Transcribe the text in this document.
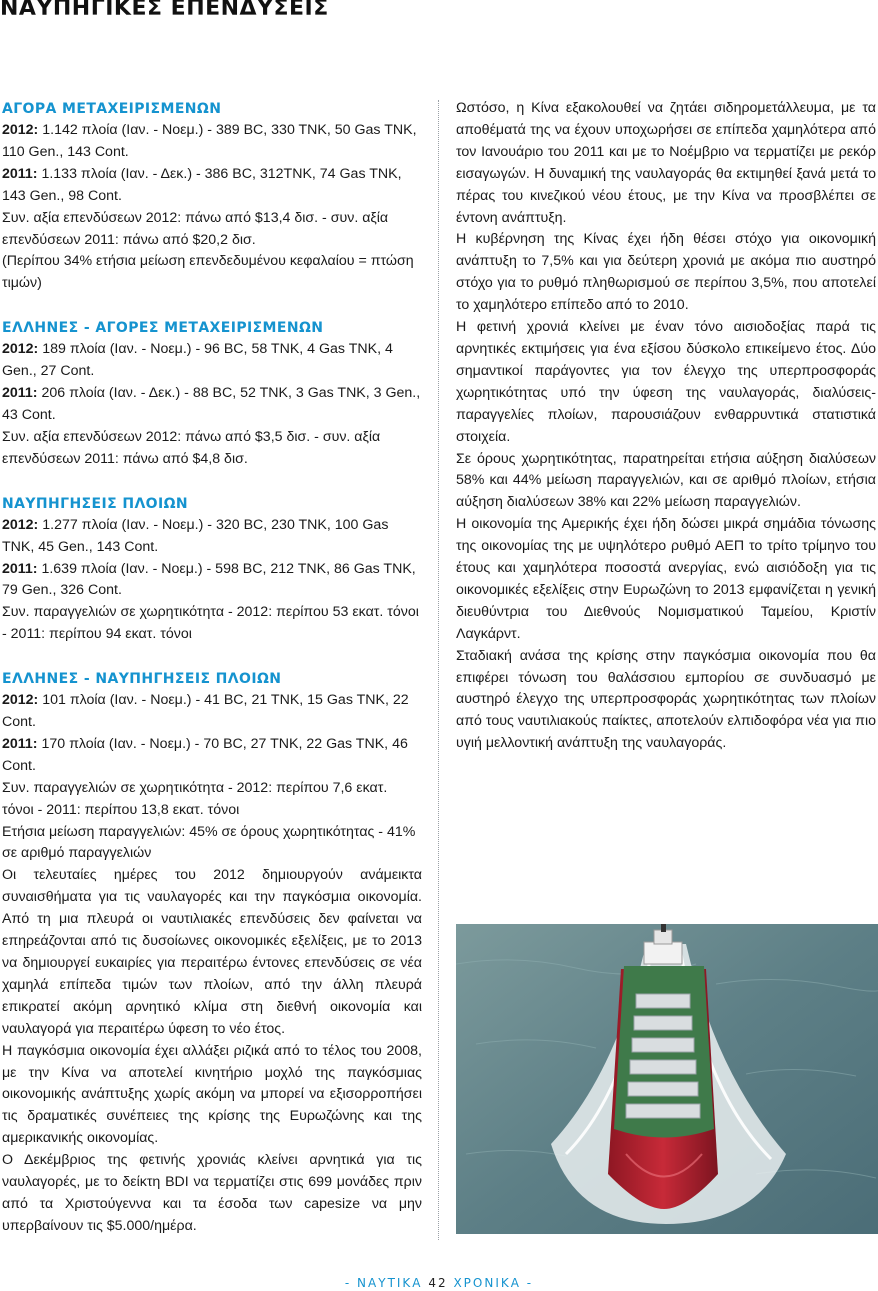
ΝΑΥΠΗΓΙΚΕΣ ΕΠΕΝΔΥΣΕΙΣ
ΑΓΟΡΑ ΜΕΤΑΧΕΙΡΙΣΜΕΝΩΝ

2012: 1.142 πλοία (Ιαν. - Νοεμ.) - 389 BC, 330 TNK, 50 Gas TNK, 110 Gen., 143 Cont.

2011: 1.133 πλοία (Ιαν. - Δεκ.) - 386 BC, 312TNK, 74 Gas TNK, 143 Gen., 98 Cont.

Συν. αξία επενδύσεων 2012: πάνω από $13,4 δισ. - συν. αξία επενδύσεων 2011: πάνω από $20,2 δισ.

(Περίπου 34% ετήσια μείωση επενδεδυμένου κεφαλαίου = πτώση τιμών)

ΕΛΛΗΝΕΣ - ΑΓΟΡΕΣ ΜΕΤΑΧΕΙΡΙΣΜΕΝΩΝ

2012: 189 πλοία (Ιαν. - Νοεμ.) - 96 BC, 58 TNK, 4 Gas TNK, 4 Gen., 27 Cont.

2011: 206 πλοία (Ιαν. - Δεκ.) - 88 BC, 52 TNK, 3 Gas TNK, 3 Gen., 43 Cont.

Συν. αξία επενδύσεων 2012: πάνω από $3,5 δισ. - συν. αξία επενδύσεων 2011: πάνω από $4,8 δισ.

ΝΑΥΠΗΓΗΣΕΙΣ ΠΛΟΙΩΝ

2012: 1.277 πλοία (Ιαν. - Νοεμ.) - 320 BC, 230 TNK, 100 Gas TNK, 45 Gen., 143 Cont.

2011: 1.639 πλοία (Ιαν. - Νοεμ.) - 598 BC, 212 TNK, 86 Gas TNK, 79 Gen., 326 Cont.

Συν. παραγγελιών σε χωρητικότητα - 2012: περίπου 53 εκατ. τόνοι - 2011: περίπου 94 εκατ. τόνοι

ΕΛΛΗΝΕΣ - ΝΑΥΠΗΓΗΣΕΙΣ ΠΛΟΙΩΝ

2012: 101 πλοία (Ιαν. - Νοεμ.) - 41 BC, 21 TNK, 15 Gas TNK, 22 Cont.

2011: 170 πλοία (Ιαν. - Νοεμ.) - 70 BC, 27 TNK, 22 Gas TNK, 46 Cont.

Συν. παραγγελιών σε χωρητικότητα - 2012: περίπου 7,6 εκατ. τόνοι - 2011: περίπου 13,8 εκατ. τόνοι

Ετήσια μείωση παραγγελιών: 45% σε όρους χωρητικότητας - 41% σε αριθμό παραγγελιών

Οι τελευταίες ημέρες του 2012 δημιουργούν ανάμεικτα συναισθήματα για τις ναυλαγορές και την παγκόσμια οικονομία. Από τη μια πλευρά οι ναυτιλιακές επενδύσεις δεν φαίνεται να επηρεάζονται από τις δυσοίωνες οικονομικές εξελίξεις, με το 2013 να δημιουργεί ευκαιρίες για περαιτέρω έντονες επενδύσεις σε νέα χαμηλά επίπεδα τιμών των πλοίων, από την άλλη πλευρά επικρατεί ακόμη αρνητικό κλίμα στη διεθνή οικονομία και ναυλαγορά για περαιτέρω ύφεση το νέο έτος.

Η παγκόσμια οικονομία έχει αλλάξει ριζικά από το τέλος του 2008, με την Κίνα να αποτελεί κινητήριο μοχλό της παγκόσμιας οικονομικής ανάπτυξης χωρίς ακόμη να μπορεί να εξισορροπήσει τις δραματικές συνέπειες της κρίσης της Ευρωζώνης και της αμερικανικής οικονομίας.

Ο Δεκέμβριος της φετινής χρονιάς κλείνει αρνητικά για τις ναυλαγορές, με το δείκτη BDI να τερματίζει στις 699 μονάδες πριν από τα Χριστούγεννα και τα έσοδα των capesize να μην υπερβαίνουν τις $5.000/ημέρα.

Ωστόσο, η Κίνα εξακολουθεί να ζητάει σιδηρομετάλλευμα, με τα αποθέματά της να έχουν υποχωρήσει σε επίπεδα χαμηλότερα από τον Ιανουάριο του 2011 και με το Νοέμβριο να τερματίζει με ρεκόρ εισαγωγών. Η δυναμική της ναυλαγοράς θα εκτιμηθεί ξανά μετά το πέρας του κινεζικού νέου έτους, με την Κίνα να προσβλέπει σε έντονη ανάπτυξη.

Η κυβέρνηση της Κίνας έχει ήδη θέσει στόχο για οικονομική ανάπτυξη το 7,5% και για δεύτερη χρονιά με ακόμα πιο αυστηρό στόχο για το ρυθμό πληθωρισμού σε περίπου 3,5%, που αποτελεί το χαμηλότερο επίπεδο από το 2010.

Η φετινή χρονιά κλείνει με έναν τόνο αισιοδοξίας παρά τις αρνητικές εκτιμήσεις για ένα εξίσου δύσκολο επικείμενο έτος. Δύο σημαντικοί παράγοντες για τον έλεγχο της υπερπροσφοράς χωρητικότητας υπό την ύφεση της ναυλαγοράς, διαλύσεις-παραγγελίες πλοίων, παρουσιάζουν ενθαρρυντικά στατιστικά στοιχεία.

Σε όρους χωρητικότητας, παρατηρείται ετήσια αύξηση διαλύσεων 58% και 44% μείωση παραγγελιών, και σε αριθμό πλοίων, ετήσια αύξηση διαλύσεων 38% και 22% μείωση παραγγελιών.

Η οικονομία της Αμερικής έχει ήδη δώσει μικρά σημάδια τόνωσης της οικονομίας της με υψηλότερο ρυθμό ΑΕΠ το τρίτο τρίμηνο του έτους και χαμηλότερα ποσοστά ανεργίας, ενώ αισιόδοξη για τις οικονομικές εξελίξεις στην Ευρωζώνη το 2013 εμφανίζεται η γενική διευθύντρια του Διεθνούς Νομισματικού Ταμείου, Κριστίν Λαγκάρντ.

Σταδιακή ανάσα της κρίσης στην παγκόσμια οικονομία που θα επιφέρει τόνωση του θαλάσσιου εμπορίου σε συνδυασμό με αυστηρό έλεγχο της υπερπροσφοράς χωρητικότητας των πλοίων από τους ναυτιλιακούς παίκτες, αποτελούν ελπιδοφόρα νέα για πιο υγιή μελλοντική ανάπτυξη της ναυλαγοράς.

- ΝΑΥΤΙΚΑ 42 ΧΡΟΝΙΚΑ -
